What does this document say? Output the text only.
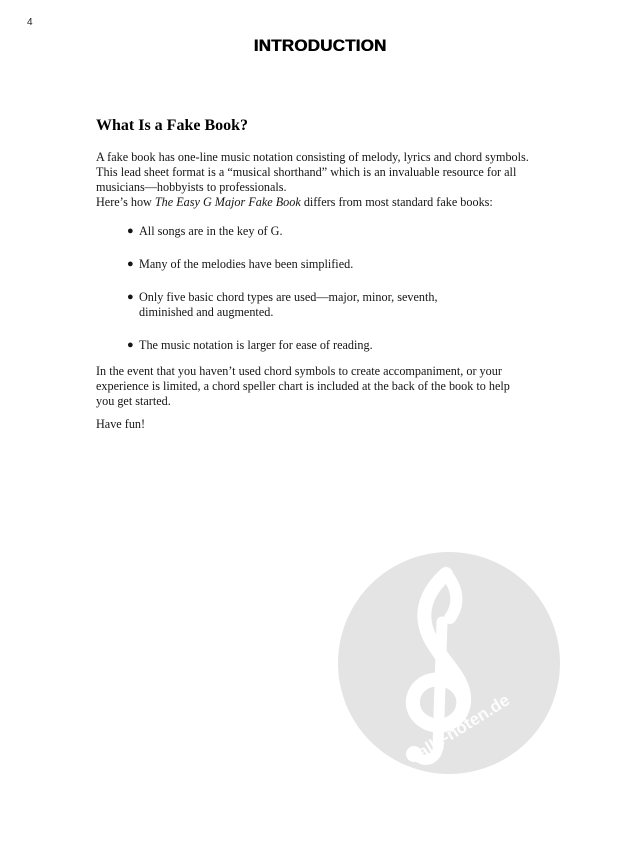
4
INTRODUCTION
What Is a Fake Book?
A fake book has one-line music notation consisting of melody, lyrics and chord symbols.
This lead sheet format is a “musical shorthand” which is an invaluable resource for all
musicians—hobbyists to professionals.
Here’s how The Easy G Major Fake Book differs from most standard fake books:
● All songs are in the key of G.
● Many of the melodies have been simplified.
● Only five basic chord types are used—major, minor, seventh,
diminished and augmented.
● The music notation is larger for ease of reading.
In the event that you haven’t used chord symbols to create accompaniment, or your
experience is limited, a chord speller chart is included at the back of the book to help
you get started.
Have fun!
alle-noten.de
